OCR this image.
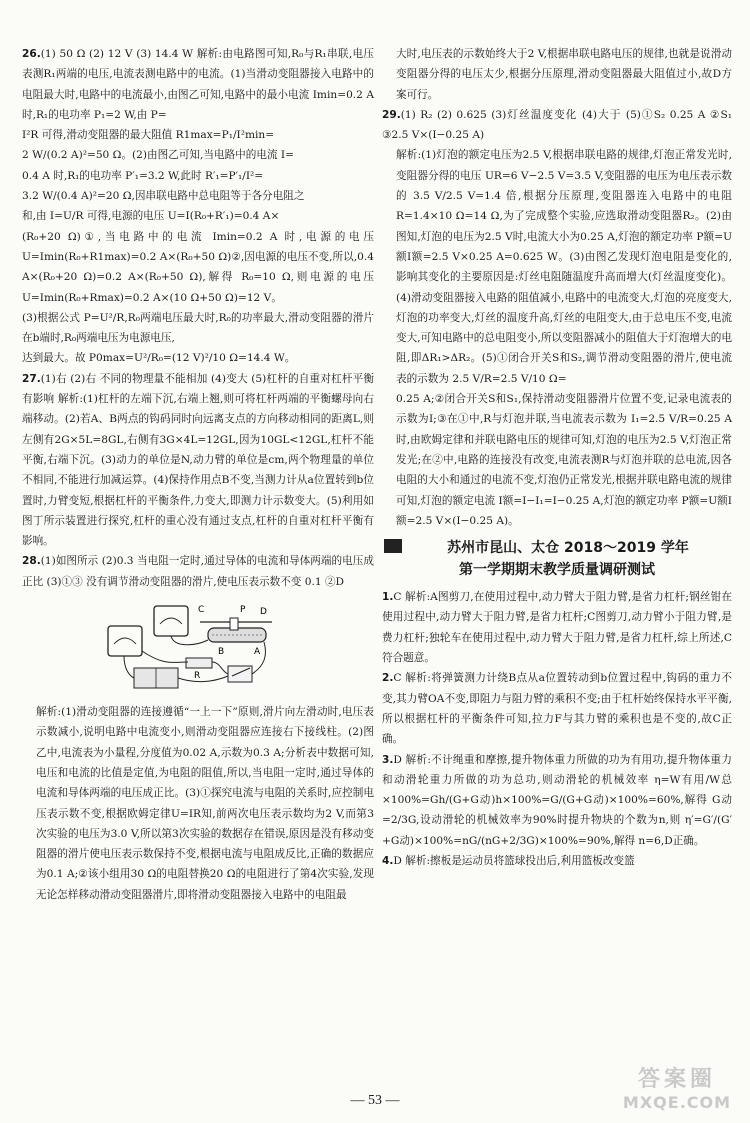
26.(1) 50 Ω (2) 12 V (3) 14.4 W 解析:由电路图可知,R₀与R₁串联,电压表测R₁两端的电压,电流表测电路中的电流。(1)当滑动变阻器接入电路中的电阻最大时,电路中的电流最小,由图乙可知,电路中的最小电流 Imin=0.2 A 时,R₁的电功率 P₁=2 W,由 P=

I²R 可得,滑动变阻器的最大阻值 R1max=P₁/I²min=

2 W/(0.2 A)²=50 Ω。(2)由图乙可知,当电路中的电流 I=

0.4 A 时,R₁的电功率 P′₁=3.2 W,此时 R′₁=P′₁/I²=

3.2 W/(0.4 A)²=20 Ω,因串联电路中总电阻等于各分电阻之

和,由 I=U/R 可得,电源的电压 U=I(R₀+R′₁)=0.4 A×

(R₀+20 Ω)①,当电路中的电流 Imin=0.2 A 时,电源的电压 U=Imin(R₀+R1max)=0.2 A×(R₀+50 Ω)②,因电源的电压不变,所以,0.4 A×(R₀+20 Ω)=0.2 A×(R₀+50 Ω),解得 R₀=10 Ω,则电源的电压 U=Imin(R₀+Rmax)=0.2 A×(10 Ω+50 Ω)=12 V。

(3)根据公式 P=U²/R,R₀两端电压最大时,R₀的功率最大,滑动变阻器的滑片在b端时,R₀两端电压为电源电压,

达到最大。故 P0max=U²/R₀=(12 V)²/10 Ω=14.4 W。

27.(1)右 (2)右 不同的物理量不能相加 (4)变大 (5)杠杆的自重对杠杆平衡有影响 解析:(1)杠杆的左端下沉,右端上翘,则可将杠杆两端的平衡螺母向右端移动。(2)若A、B两点的钩码同时向远离支点的方向移动相同的距离L,则左侧有2G×5L=8GL,右侧有3G×4L=12GL,因为10GL<12GL,杠杆不能平衡,右端下沉。(3)动力的单位是N,动力臂的单位是cm,两个物理量的单位不相同,不能进行加减运算。(4)保持作用点B不变,当测力计从a位置转到b位置时,力臂变短,根据杠杆的平衡条件,力变大,即测力计示数变大。(5)利用如图丁所示装置进行探究,杠杆的重心没有通过支点,杠杆的自重对杠杆平衡有影响。

28.(1)如图所示 (2)0.3 当电阻一定时,通过导体的电流和导体两端的电压成正比 (3)①③ 没有调节滑动变阻器的滑片,使电压表示数不变 0.1 ②D

C	D
A
B
R
P

解析:(1)滑动变阻器的连接遵循“一上一下”原则,滑片向左滑动时,电压表示数减小,说明电路中电流变小,则滑动变阻器应连接右下接线柱。(2)图乙中,电流表为小量程,分度值为0.02 A,示数为0.3 A;分析表中数据可知,电压和电流的比值是定值,为电阻的阻值,所以,当电阻一定时,通过导体的电流和导体两端的电压成正比。(3)①探究电流与电阻的关系时,应控制电压表示数不变,根据欧姆定律U=IR知,前两次电压表示数均为2 V,而第3次实验的电压为3.0 V,所以第3次实验的数据存在错误,原因是没有移动变阻器的滑片使电压表示数保持不变,根据电流与电阻成反比,正确的数据应为0.1 A;②该小组用30 Ω的电阻替换20 Ω的电阻进行了第4次实验,发现无论怎样移动滑动变阻器滑片,即将滑动变阻器接入电路中的电阻最

大时,电压表的示数始终大于2 V,根据串联电路电压的规律,也就是说滑动变阻器分得的电压太少,根据分压原理,滑动变阻器最大阻值过小,故D方案可行。

29.(1) R₂ (2) 0.625 (3)灯丝温度变化 (4)大于 (5)①S₂ 0.25 A ②S₁ ③2.5 V×(I−0.25 A)

解析:(1)灯泡的额定电压为2.5 V,根据串联电路的规律,灯泡正常发光时,变阻器分得的电压 UR=6 V−2.5 V=3.5 V,变阻器的电压为电压表示数的 3.5 V/2.5 V=1.4 倍,根据分压原理,变阻器连入电路中的电阻 R=1.4×10 Ω=14 Ω,为了完成整个实验,应选取滑动变阻器R₂。(2)由图知,灯泡的电压为2.5 V时,电流大小为0.25 A,灯泡的额定功率 P额=U额I额=2.5 V×0.25 A=0.625 W。(3)由图乙发现灯泡电阻是变化的,影响其变化的主要原因是:灯丝电阻随温度升高而增大(灯丝温度变化)。(4)滑动变阻器接入电路的阻值减小,电路中的电流变大,灯泡的亮度变大,灯泡的功率变大,灯丝的温度升高,灯丝的电阻变大,由于总电压不变,电流变大,可知电路中的总电阻变小,所以变阻器减小的阻值大于灯泡增大的电阻,即ΔR₁>ΔR₂。(5)①闭合开关S和S₂,调节滑动变阻器的滑片,使电流表的示数为 2.5 V/R=2.5 V/10 Ω=

0.25 A;②闭合开关S和S₁,保持滑动变阻器滑片位置不变,记录电流表的示数为I;③在①中,R与灯泡并联,当电流表示数为 I₁=2.5 V/R=0.25 A时,由欧姆定律和并联电路电压的规律可知,灯泡的电压为2.5 V,灯泡正常发光;在②中,电路的连接没有改变,电流表测R与灯泡并联的总电流,因各电阻的大小和通过的电流不变,灯泡仍正常发光,根据并联电路电流的规律可知,灯泡的额定电流 I额=I−I₁=I−0.25 A,灯泡的额定功率 P额=U额I额=2.5 V×(I−0.25 A)。

苏州市昆山、太仓 2018～2019 学年
第一学期期末教学质量调研测试

1.C 解析:A图剪刀,在使用过程中,动力臂大于阻力臂,是省力杠杆;钢丝钳在使用过程中,动力臂大于阻力臂,是省力杠杆;C图剪刀,动力臂小于阻力臂,是费力杠杆;独轮车在使用过程中,动力臂大于阻力臂,是省力杠杆,综上所述,C符合题意。

2.C 解析:将弹簧测力计绕B点从a位置转动到b位置过程中,钩码的重力不变,其力臂OA不变,即阻力与阻力臂的乘积不变;由于杠杆始终保持水平平衡,所以根据杠杆的平衡条件可知,拉力F与其力臂的乘积也是不变的,故C正确。

3.D 解析:不计绳重和摩擦,提升物体重力所做的功为有用功,提升物体重力和动滑轮重力所做的功为总功,则动滑轮的机械效率 η=W有用/W总×100%=Gh/(G+G动)h×100%=G/(G+G动)×100%=60%,解得 G动=2/3G,设动滑轮的机械效率为90%时提升物块的个数为n,则 η′=G′/(G′+G动)×100%=nG/(nG+2/3G)×100%=90%,解得 n=6,D正确。

4.D 解析:擦板是运动员将篮球投出后,利用篮板改变篮

— 53 —
答案圈
MXQE.COM
